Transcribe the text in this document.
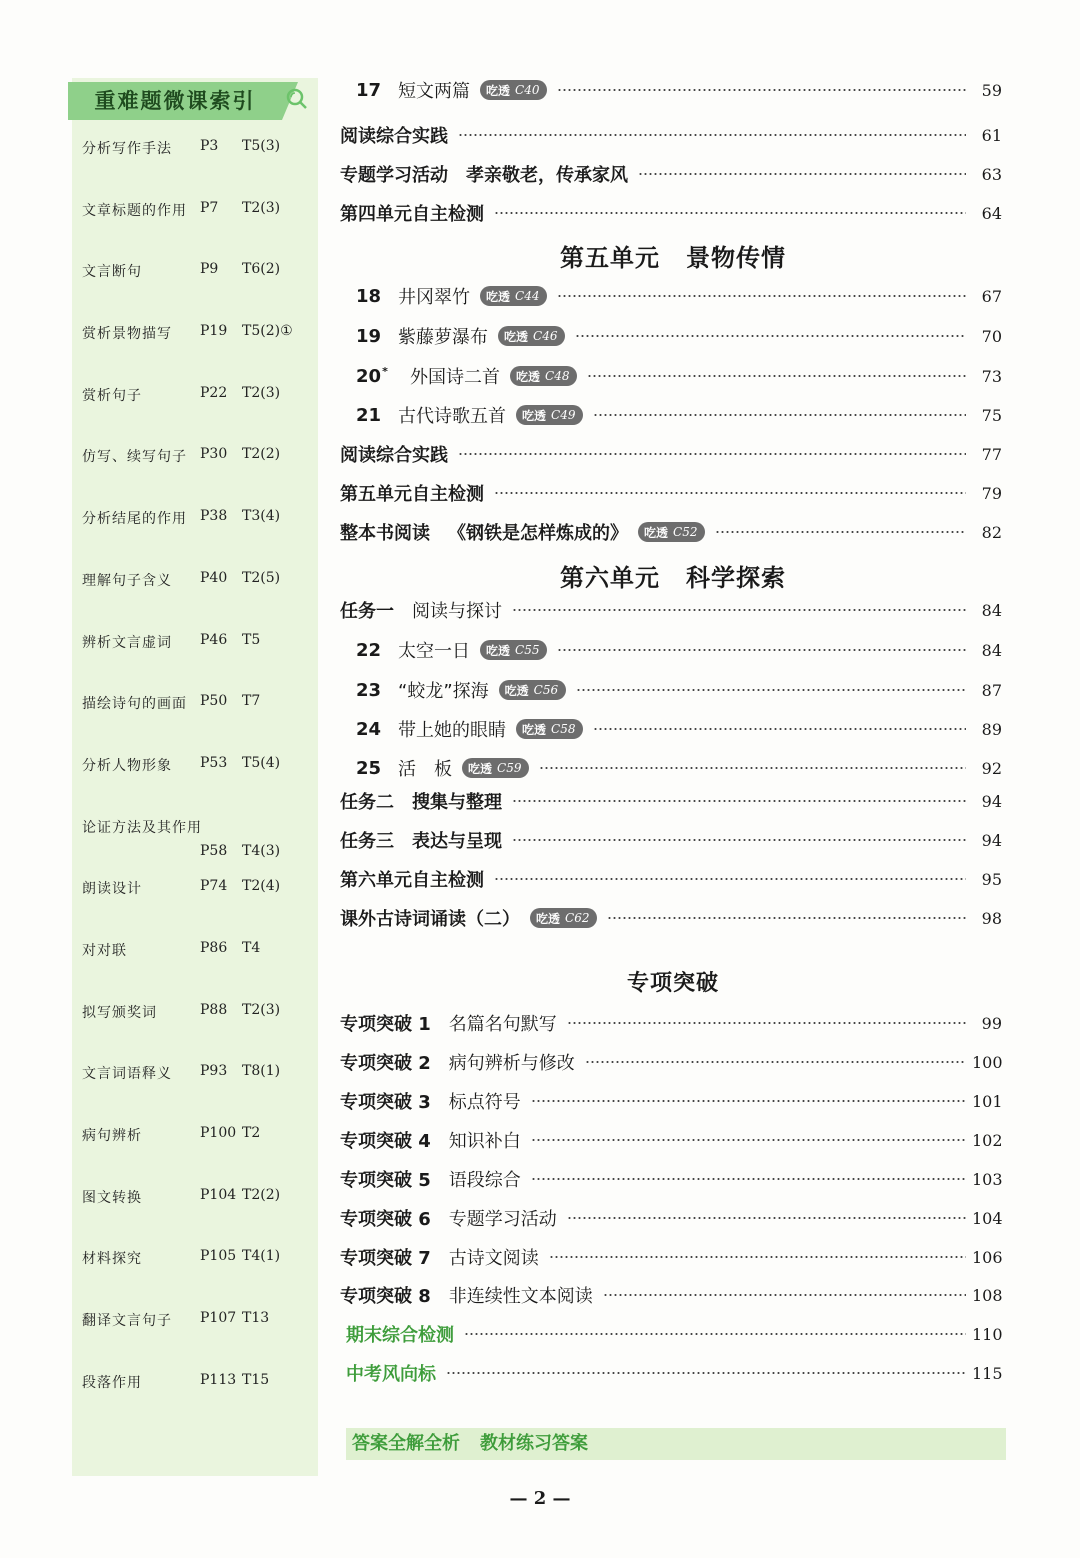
重难题微课索引
分析写作手法 P3 T5(3)
文章标题的作用 P7 T2(3)
文言断句	P9 T6(2)
赏析景物描写 P19 T5(2)①
赏析句子	P22 T2(3)
仿写、续写句子 P30 T2(2)
分析结尾的作用 P38 T3(4)
理解句子含义 P40 T2(5)
辨析文言虚词 P46 T5
描绘诗句的画面 P50 T7
分析人物形象 P53 T5(4)
论证方法及其作用
P58 T4(3)
朗读设计	P74 T2(4)
对对联	P86 T4
拟写颁奖词	P88 T2(3)
文言词语释义 P93 T8(1)
病句辨析	P100 T2
图文转换	P104 T2(2)
材料探究	P105 T4(1)
翻译文言句子 P107 T13
段落作用	P113 T15
17 短文两篇 吃透 C40	59
阅读综合实践	61
专题学习活动 孝亲敬老，传承家风	63
第四单元自主检测	64
第五单元 景物传情
18 井冈翠竹 吃透 C44	67
19 紫藤萝瀑布 吃透 C46	70
20*	外国诗二首 吃透 C48	73
21 古代诗歌五首 吃透 C49	75
阅读综合实践	77
第五单元自主检测	79
整本书阅读 《钢铁是怎样炼成的》 吃透 C52	82
第六单元 科学探索
任务一 阅读与探讨	84
22 太空一日 吃透 C55	84
23 “蛟龙”探海 吃透 C56	87
24 带上她的眼睛 吃透 C58	89
25 活　板 吃透 C59	92
任务二 搜集与整理	94
任务三 表达与呈现	94
第六单元自主检测	95
课外古诗词诵读（二） 吃透 C62	98
专项突破
专项突破 1 名篇名句默写	99
专项突破 2 病句辨析与修改	100
专项突破 3 标点符号	101
专项突破 4 知识补白	102
专项突破 5 语段综合	103
专项突破 6 专题学习活动	104
专项突破 7 古诗文阅读	106
专项突破 8 非连续性文本阅读	108
期末综合检测	110
中考风向标	115
答案全解全析 教材练习答案
— 2 —
